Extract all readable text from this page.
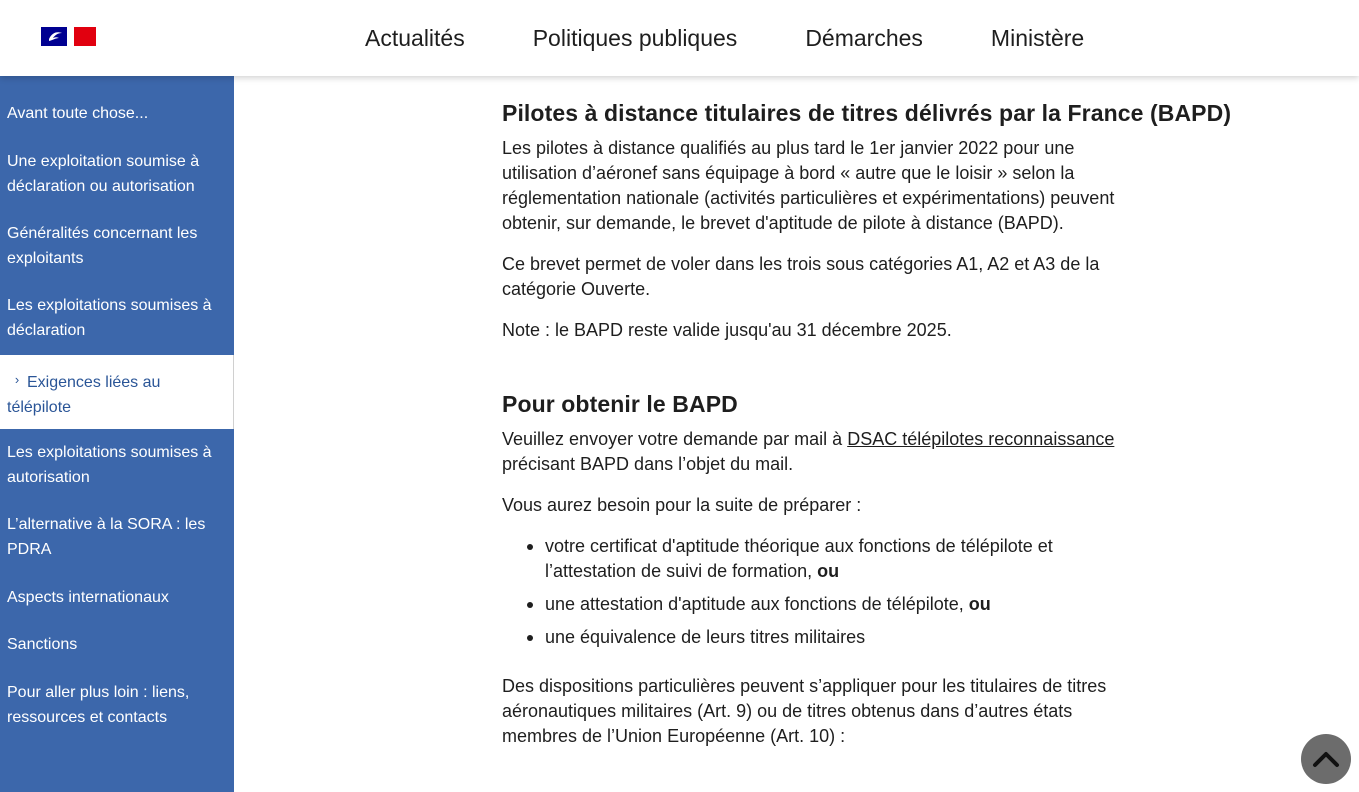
Actualités	Politiques publiques	Démarches	Ministère
Avant toute chose...
Une exploitation soumise à déclaration ou autorisation
Généralités concernant les exploitants
Les exploitations soumises à déclaration
› Exigences liées au télépilote
Les exploitations soumises à autorisation
L’alternative à la SORA : les PDRA
Aspects internationaux
Sanctions
Pour aller plus loin : liens, ressources et contacts
Pilotes à distance titulaires de titres délivrés par la France (BAPD)

Les pilotes à distance qualifiés au plus tard le 1er janvier 2022 pour une utilisation d’aéronef sans équipage à bord « autre que le loisir » selon la réglementation nationale (activités particulières et expérimentations) peuvent obtenir, sur demande, le brevet d'aptitude de pilote à distance (BAPD).

Ce brevet permet de voler dans les trois sous catégories A1, A2 et A3 de la catégorie Ouverte.

Note : le BAPD reste valide jusqu'au 31 décembre 2025.

Pour obtenir le BAPD

Veuillez envoyer votre demande par mail à DSAC télépilotes reconnaissance précisant BAPD dans l’objet du mail.

Vous aurez besoin pour la suite de préparer :

votre certificat d'aptitude théorique aux fonctions de télépilote et l’attestation de suivi de formation, ou
une attestation d'aptitude aux fonctions de télépilote, ou
une équivalence de leurs titres militaires

Des dispositions particulières peuvent s’appliquer pour les titulaires de titres aéronautiques militaires (Art. 9) ou de titres obtenus dans d’autres états membres de l’Union Européenne (Art. 10) :
